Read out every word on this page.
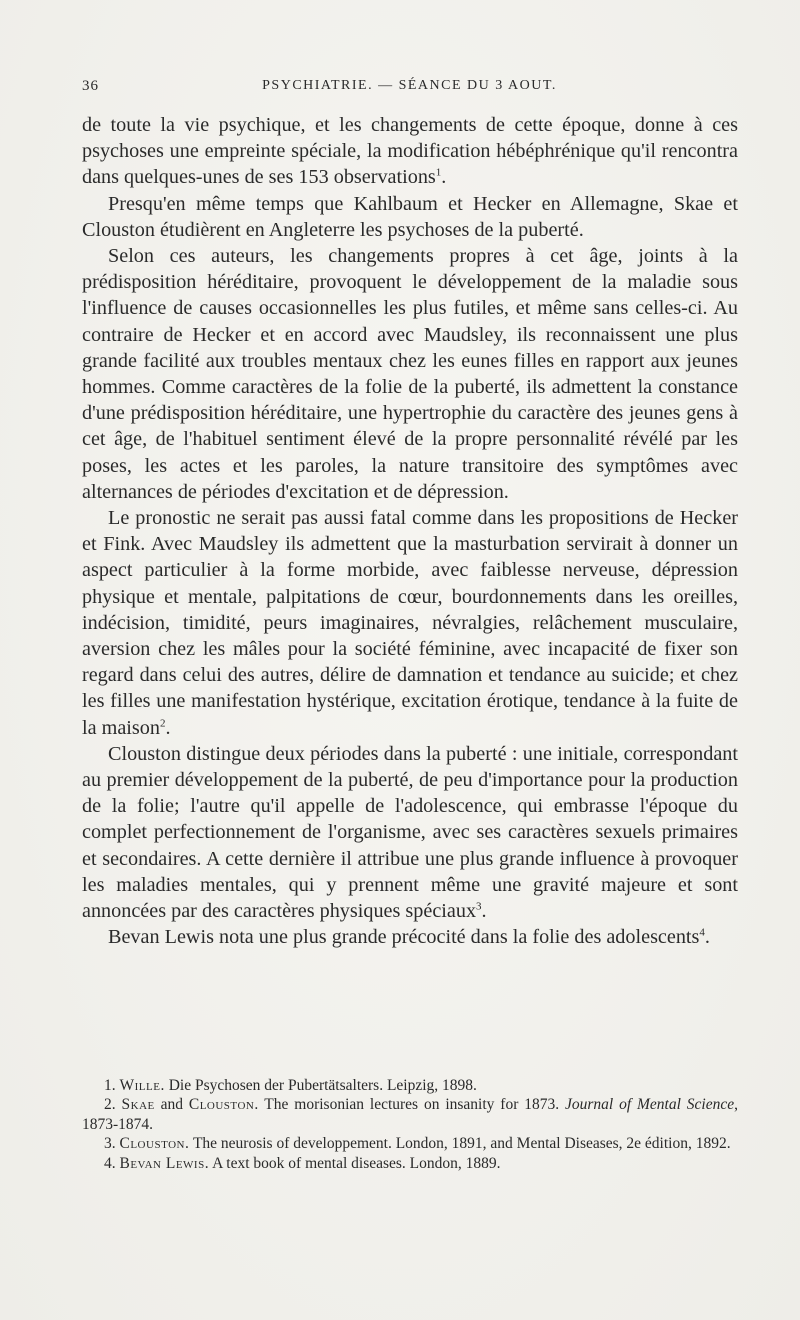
36	PSYCHIATRIE. — SÉANCE DU 3 AOUT.

de toute la vie psychique, et les changements de cette époque, donne à ces psychoses une empreinte spéciale, la modification hébéphrénique qu'il rencontra dans quelques-unes de ses 153 observations$^1$.

Presqu'en même temps que Kahlbaum et Hecker en Allemagne, Skae et Clouston étudièrent en Angleterre les psychoses de la puberté.

Selon ces auteurs, les changements propres à cet âge, joints à la prédisposition héréditaire, provoquent le développement de la maladie sous l'influence de causes occasionnelles les plus futiles, et même sans celles-ci. Au contraire de Hecker et en accord avec Maudsley, ils reconnaissent une plus grande facilité aux troubles mentaux chez les eunes filles en rapport aux jeunes hommes. Comme caractères de la folie de la puberté, ils admettent la constance d'une prédisposition héréditaire, une hypertrophie du caractère des jeunes gens à cet âge, de l'habituel sentiment élevé de la propre personnalité révélé par les poses, les actes et les paroles, la nature transitoire des symptômes avec alternances de périodes d'excitation et de dépression.

Le pronostic ne serait pas aussi fatal comme dans les propositions de Hecker et Fink. Avec Maudsley ils admettent que la masturbation servirait à donner un aspect particulier à la forme morbide, avec faiblesse nerveuse, dépression physique et mentale, palpitations de cœur, bourdonnements dans les oreilles, indécision, timidité, peurs imaginaires, névralgies, relâchement musculaire, aversion chez les mâles pour la société féminine, avec incapacité de fixer son regard dans celui des autres, délire de damnation et tendance au suicide; et chez les filles une manifestation hystérique, excitation érotique, tendance à la fuite de la maison$^2$.

Clouston distingue deux périodes dans la puberté : une initiale, correspondant au premier développement de la puberté, de peu d'importance pour la production de la folie; l'autre qu'il appelle de l'adolescence, qui embrasse l'époque du complet perfectionnement de l'organisme, avec ses caractères sexuels primaires et secondaires. A cette dernière il attribue une plus grande influence à provoquer les maladies mentales, qui y prennent même une gravité majeure et sont annoncées par des caractères physiques spéciaux$^3$.

Bevan Lewis nota une plus grande précocité dans la folie des adolescents$^4$.

1. Wille. Die Psychosen der Pubertätsalters. Leipzig, 1898.

2. Skae and Clouston. The morisonian lectures on insanity for 1873. Journal of Mental Science, 1873-1874.

3. Clouston. The neurosis of developpement. London, 1891, and Mental Diseases, 2e édition, 1892.

4. Bevan Lewis. A text book of mental diseases. London, 1889.
